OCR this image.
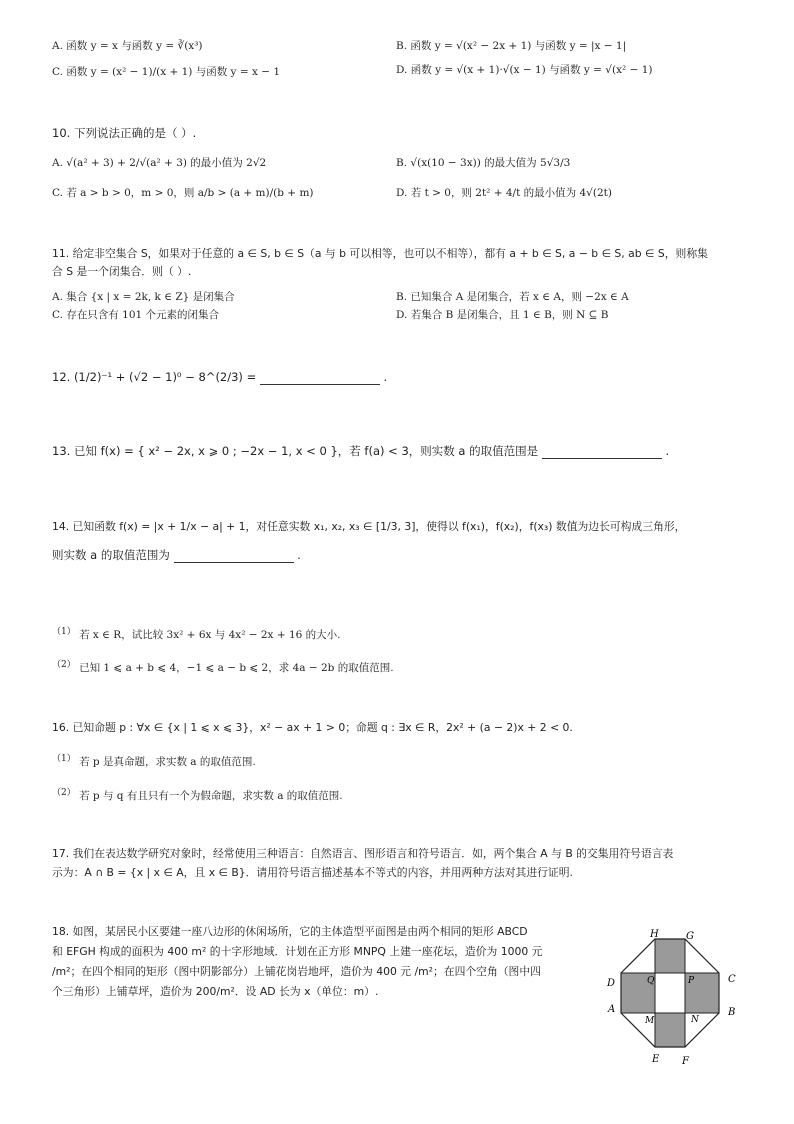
A. 函数 y = x 与函数 y = ∛(x³)	B. 函数 y = √(x² − 2x + 1) 与函数 y = |x − 1|
C. 函数 y = (x² − 1)/(x + 1) 与函数 y = x − 1	D. 函数 y = √(x + 1)·√(x − 1) 与函数 y = √(x² − 1)
10. 下列说法正确的是（ ）.
A. √(a² + 3) + 2/√(a² + 3) 的最小值为 2√2	B. √(x(10 − 3x)) 的最大值为 5√3/3
C. 若 a > b > 0，m > 0，则 a/b > (a + m)/(b + m)	D. 若 t > 0，则 2t² + 4/t 的最小值为 4√(2t)
11. 给定非空集合 S，如果对于任意的 a ∈ S, b ∈ S（a 与 b 可以相等，也可以不相等），都有 a + b ∈ S, a − b ∈ S, ab ∈ S，则称集
合 S 是一个闭集合．则（ ）.
A. 集合 {x | x = 2k, k ∈ Z} 是闭集合	B. 已知集合 A 是闭集合，若 x ∈ A，则 −2x ∈ A
C. 存在只含有 101 个元素的闭集合	D. 若集合 B 是闭集合，且 1 ∈ B，则 N ⊆ B
12. (1/2)⁻¹ + (√2 − 1)⁰ − 8^(2/3) =	.
13. 已知 f(x) = { x² − 2x, x ⩾ 0 ; −2x − 1, x < 0 }，若 f(a) < 3，则实数 a 的取值范围是	.
14. 已知函数 f(x) = |x + 1/x − a| + 1，对任意实数 x₁, x₂, x₃ ∈ [1/3, 3]，使得以 f(x₁)，f(x₂)，f(x₃) 数值为边长可构成三角形，
则实数 a 的取值范围为	.
（1） 若 x ∈ R，试比较 3x² + 6x 与 4x² − 2x + 16 的大小.
（2） 已知 1 ⩽ a + b ⩽ 4，−1 ⩽ a − b ⩽ 2，求 4a − 2b 的取值范围.
16. 已知命题 p : ∀x ∈ {x | 1 ⩽ x ⩽ 3}，x² − ax + 1 > 0；命题 q : ∃x ∈ R，2x² + (a − 2)x + 2 < 0.
（1） 若 p 是真命题，求实数 a 的取值范围.
（2） 若 p 与 q 有且只有一个为假命题，求实数 a 的取值范围.
17. 我们在表达数学研究对象时，经常使用三种语言：自然语言、图形语言和符号语言．如，两个集合 A 与 B 的交集用符号语言表
示为：A ∩ B = {x | x ∈ A，且 x ∈ B}．请用符号语言描述基本不等式的内容，并用两种方法对其进行证明.
18. 如图，某居民小区要建一座八边形的休闲场所，它的主体造型平面图是由两个相同的矩形 ABCD
和 EFGH 构成的面积为 400 m² 的十字形地域．计划在正方形 MNPQ 上建一座花坛，造价为 1000 元
/m²；在四个相同的矩形（图中阴影部分）上铺花岗岩地坪，造价为 400 元 /m²；在四个空角（图中四
个三角形）上铺草坪，造价为 200/m²．设 AD 长为 x（单位：m）.
H	G
D	C
A	B
E F
Q	P
M	N
